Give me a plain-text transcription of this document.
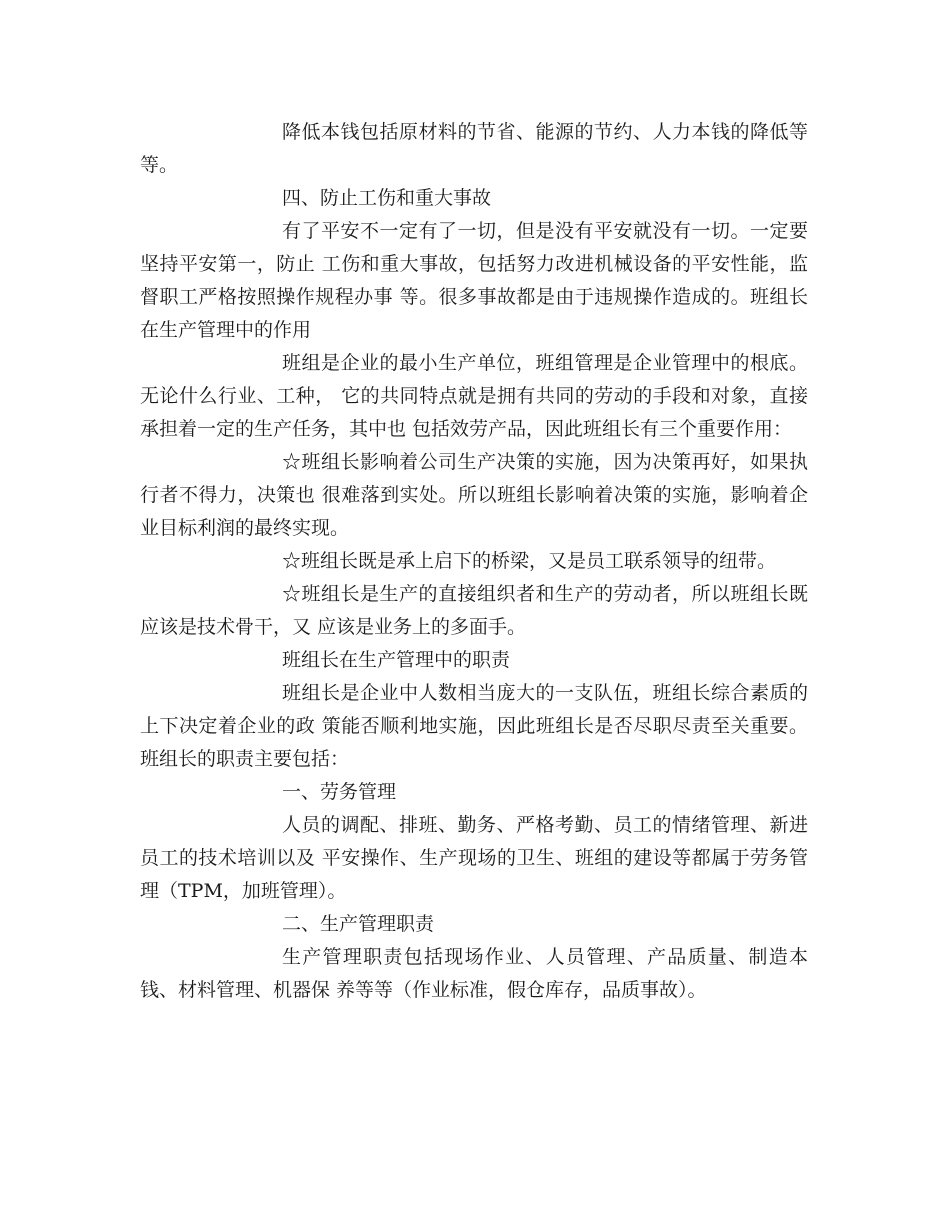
降低本钱包括原材料的节省、能源的节约、人力本钱的降低等等。

四、防止工伤和重大事故

有了平安不一定有了一切，但是没有平安就没有一切。一定要坚持平安第一，防止 工伤和重大事故，包括努力改进机械设备的平安性能，监督职工严格按照操作规程办事 等。很多事故都是由于违规操作造成的。班组长在生产管理中的作用

班组是企业的最小生产单位，班组管理是企业管理中的根底。无论什么行业、工种， 它的共同特点就是拥有共同的劳动的手段和对象，直接承担着一定的生产任务，其中也 包括效劳产品，因此班组长有三个重要作用：

☆班组长影响着公司生产决策的实施，因为决策再好，如果执行者不得力，决策也 很难落到实处。所以班组长影响着决策的实施，影响着企业目标利润的最终实现。

☆班组长既是承上启下的桥梁，又是员工联系领导的纽带。

☆班组长是生产的直接组织者和生产的劳动者，所以班组长既应该是技术骨干，又 应该是业务上的多面手。

班组长在生产管理中的职责

班组长是企业中人数相当庞大的一支队伍，班组长综合素质的上下决定着企业的政 策能否顺利地实施，因此班组长是否尽职尽责至关重要。班组长的职责主要包括：

一、劳务管理

人员的调配、排班、勤务、严格考勤、员工的情绪管理、新进员工的技术培训以及 平安操作、生产现场的卫生、班组的建设等都属于劳务管理（TPM，加班管理）。

二、生产管理职责

生产管理职责包括现场作业、人员管理、产品质量、制造本钱、材料管理、机器保 养等等（作业标准，假仓库存，品质事故）。
